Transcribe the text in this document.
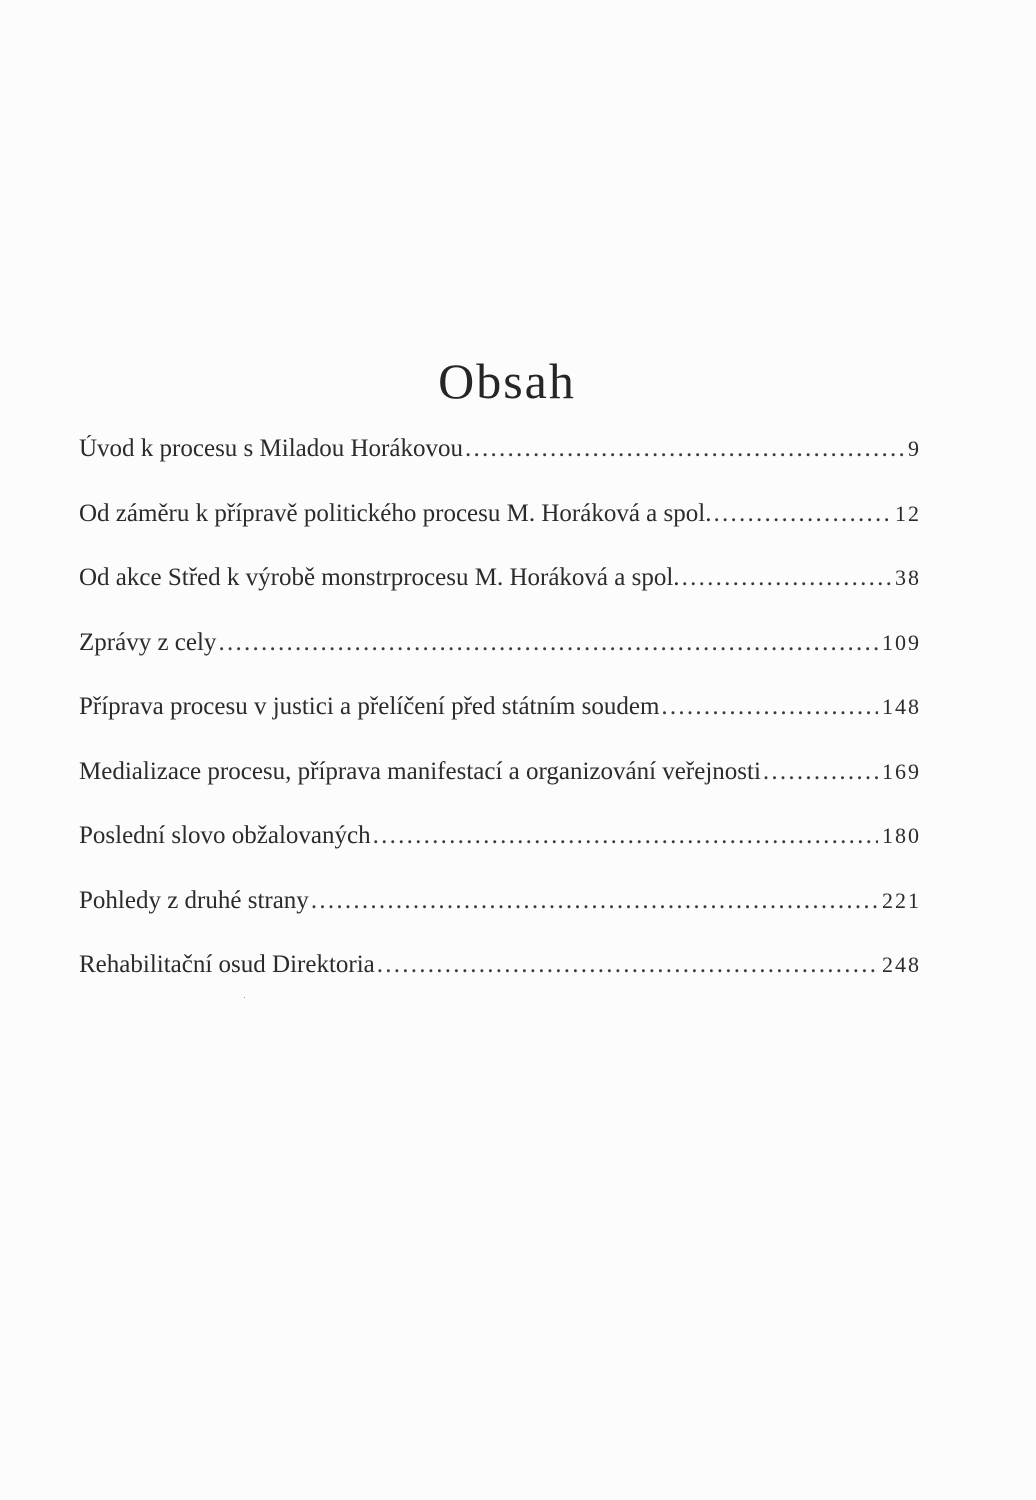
Obsah
Úvod k procesu s Miladou Horákovou . . .	9
Od záměru k přípravě politického procesu M. Horáková a spol. . . .	12
Od akce Střed k výrobě monstrprocesu M. Horáková a spol. . . .	38
Zprávy z cely . . .	109
Příprava procesu v justici a přelíčení před státním soudem . . .	148
Medializace procesu, příprava manifestací a organizování veřejnosti . . .	169
Poslední slovo obžalovaných . . .	180
Pohledy z druhé strany . . .	221
Rehabilitační osud Direktoria . . .	248
